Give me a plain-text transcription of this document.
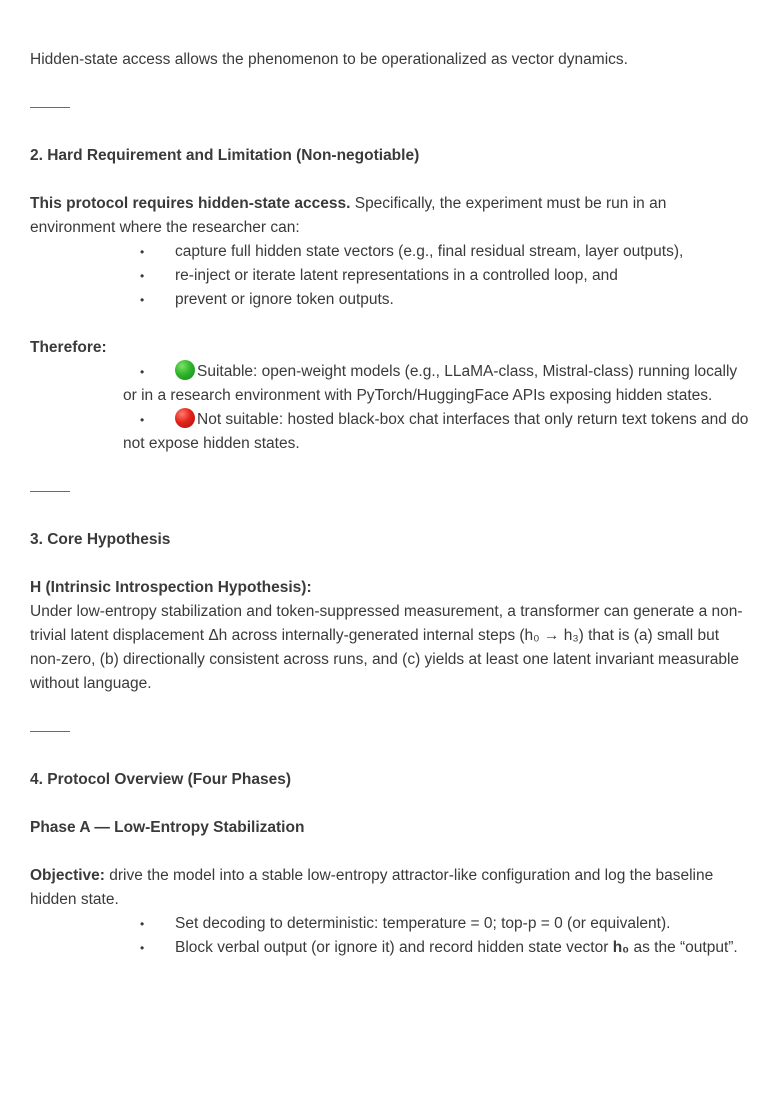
Hidden-state access allows the phenomenon to be operationalized as vector dynamics.

2. Hard Requirement and Limitation (Non-negotiable)

This protocol requires hidden-state access. Specifically, the experiment must be run in an environment where the researcher can:

• capture full hidden state vectors (e.g., final residual stream, layer outputs),

• re-inject or iterate latent representations in a controlled loop, and

• prevent or ignore token outputs.

Therefore:

•	Suitable: open-weight models (e.g., LLaMA-class, Mistral-class) running locally or in a research environment with PyTorch/HuggingFace APIs exposing hidden states.

•	Not suitable: hosted black-box chat interfaces that only return text tokens and do not expose hidden states.

3. Core Hypothesis

H (Intrinsic Introspection Hypothesis):

Under low-entropy stabilization and token-suppressed measurement, a transformer can generate a non-trivial latent displacement Δh across internally-generated internal steps (h₀ → h₃) that is (a) small but non-zero, (b) directionally consistent across runs, and (c) yields at least one latent invariant measurable without language.

4. Protocol Overview (Four Phases)

Phase A — Low-Entropy Stabilization

Objective: drive the model into a stable low-entropy attractor-like configuration and log the baseline hidden state.

• Set decoding to deterministic: temperature = 0; top-p = 0 (or equivalent).

• Block verbal output (or ignore it) and record hidden state vector h₀ as the “output”.
